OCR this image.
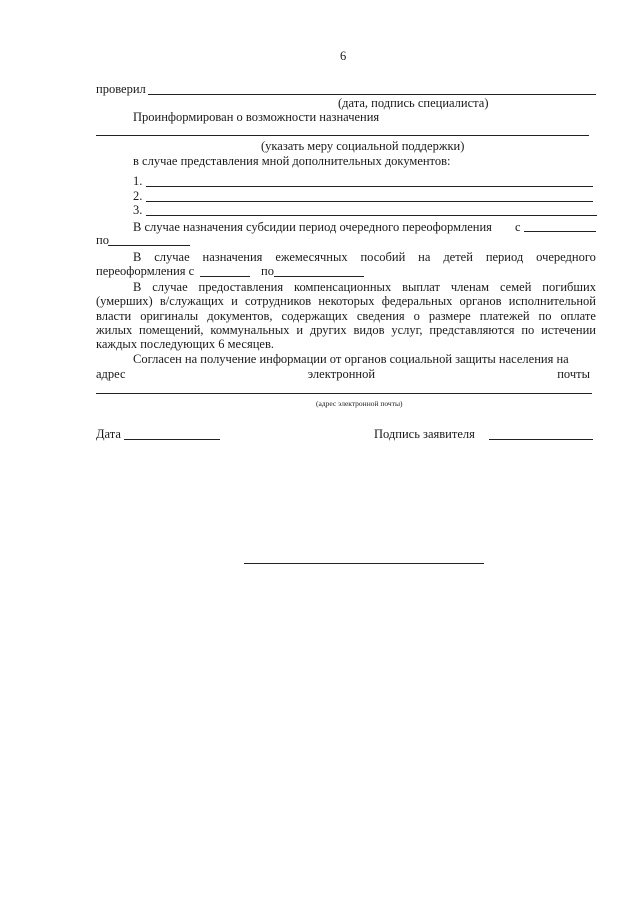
6
проверил
(дата, подпись специалиста)
Проинформирован о возможности назначения
(указать меру социальной поддержки)
в случае представления мной дополнительных документов:
1.
2.
3.
В случае назначения субсидии период очередного переоформления с
по
В случае назначения ежемесячных пособий на детей период очередного
переоформления с	по
В случае предоставления компенсационных выплат членам семей погибших
(умерших) в/служащих и сотрудников некоторых федеральных органов исполнительной
власти оригиналы документов, содержащих сведения о размере платежей по оплате
жилых помещений, коммунальных и других видов услуг, представляются по истечении
каждых последующих 6 месяцев.
Согласен на получение информации от органов социальной защиты населения на
адрес	электронной	почты
(адрес электронной почты)
Дата	Подпись заявителя
